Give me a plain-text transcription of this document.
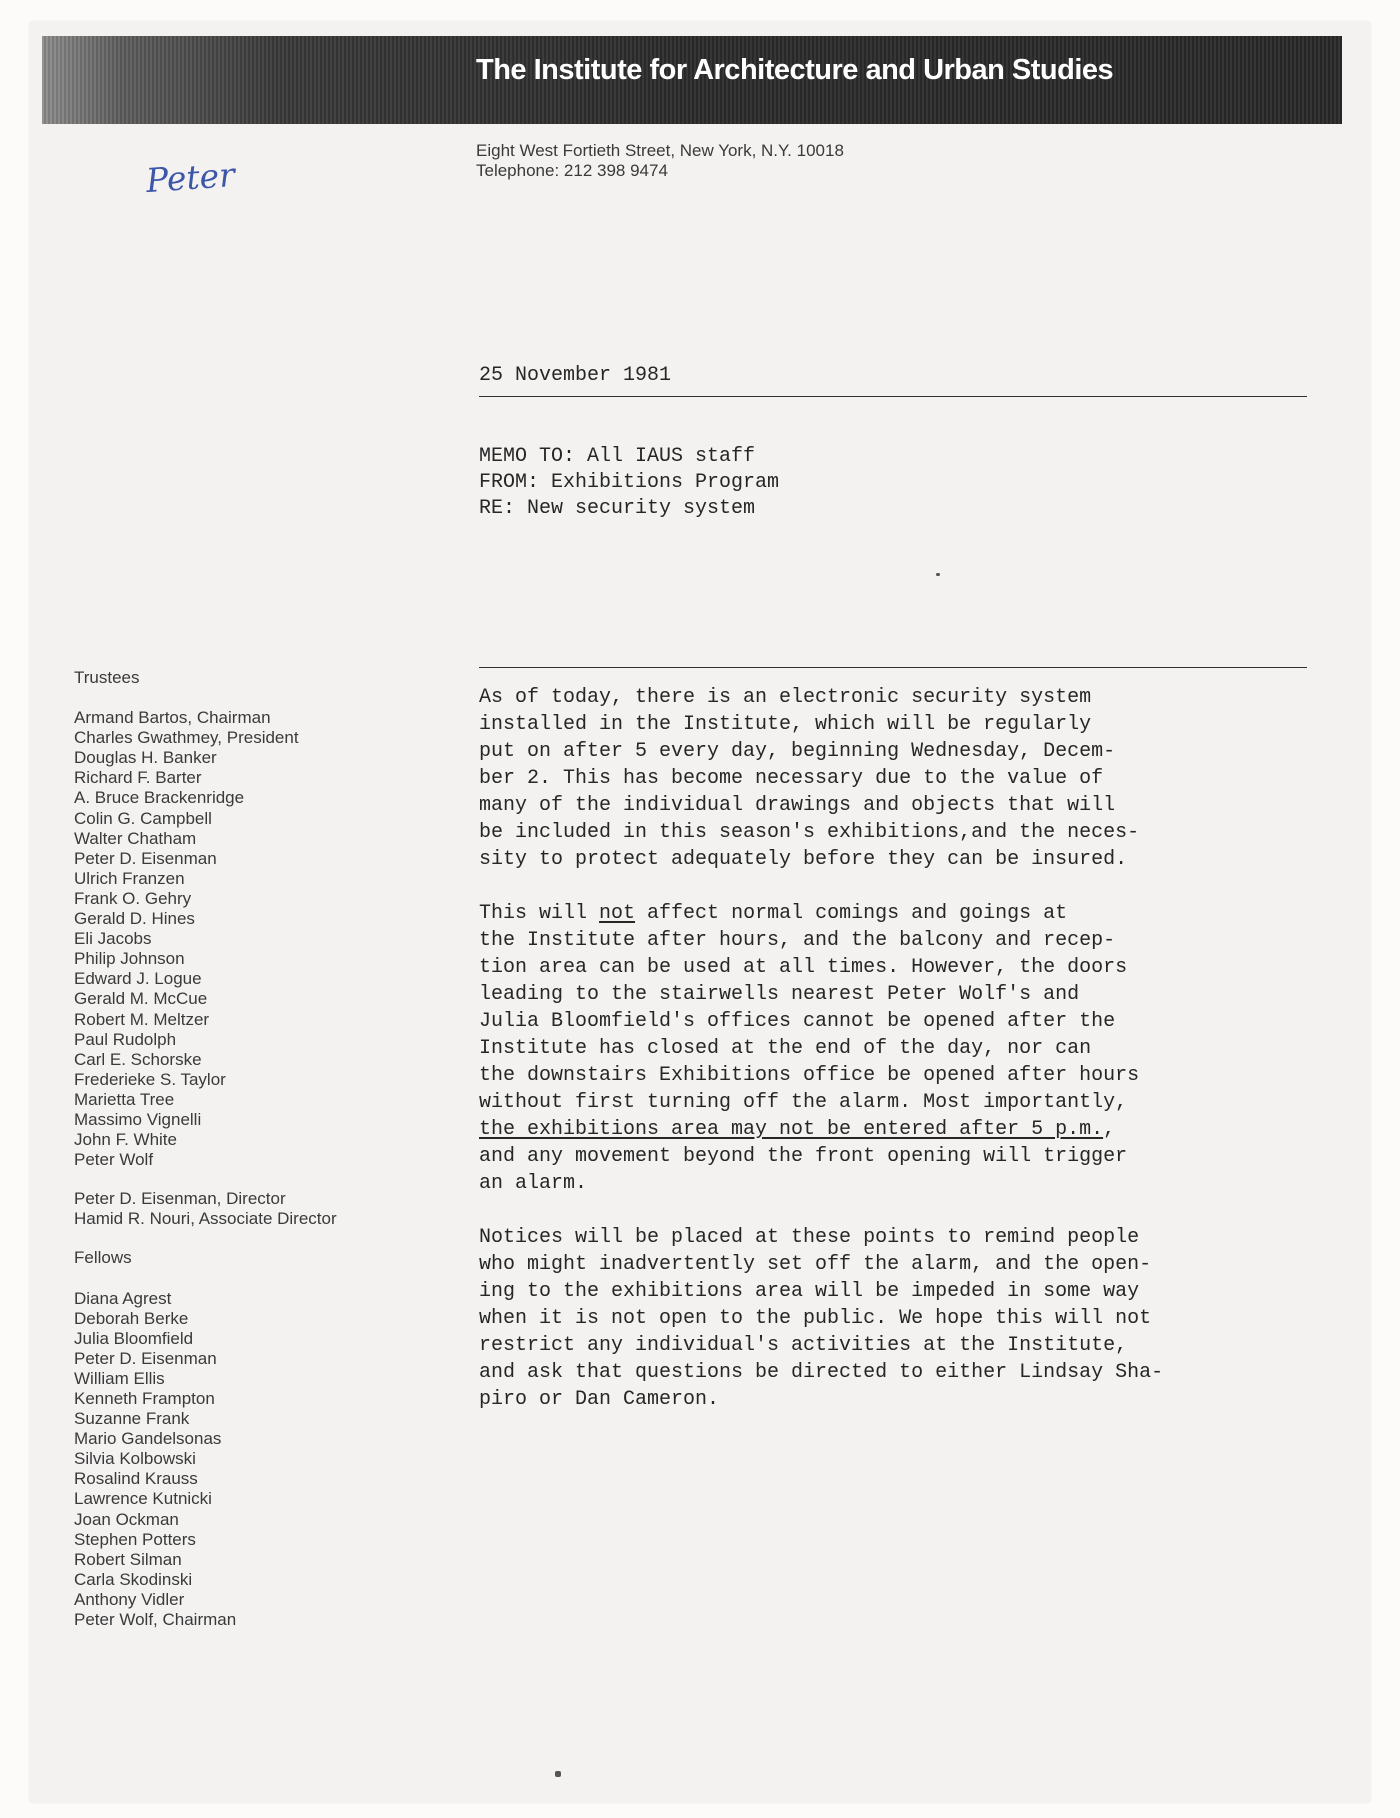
The Institute for Architecture and Urban Studies
Eight West Fortieth Street, New York, N.Y. 10018
Telephone: 212 398 9474
Peter
Trustees
Armand Bartos, Chairman
Charles Gwathmey, President
Douglas H. Banker
Richard F. Barter
A. Bruce Brackenridge
Colin G. Campbell
Walter Chatham
Peter D. Eisenman
Ulrich Franzen
Frank O. Gehry
Gerald D. Hines
Eli Jacobs
Philip Johnson
Edward J. Logue
Gerald M. McCue
Robert M. Meltzer
Paul Rudolph
Carl E. Schorske
Frederieke S. Taylor
Marietta Tree
Massimo Vignelli
John F. White
Peter Wolf
Peter D. Eisenman, Director
Hamid R. Nouri, Associate Director
Fellows
Diana Agrest
Deborah Berke
Julia Bloomfield
Peter D. Eisenman
William Ellis
Kenneth Frampton
Suzanne Frank
Mario Gandelsonas
Silvia Kolbowski
Rosalind Krauss
Lawrence Kutnicki
Joan Ockman
Stephen Potters
Robert Silman
Carla Skodinski
Anthony Vidler
Peter Wolf, Chairman
25 November 1981
MEMO TO: All IAUS staff
FROM: Exhibitions Program
RE: New security system
As of today, there is an electronic security system
installed in the Institute, which will be regularly
put on after 5 every day, beginning Wednesday, Decem-
ber 2. This has become necessary due to the value of
many of the individual drawings and objects that will
be included in this season's exhibitions,and the neces-
sity to protect adequately before they can be insured.
This will not affect normal comings and goings at
the Institute after hours, and the balcony and recep-
tion area can be used at all times. However, the doors
leading to the stairwells nearest Peter Wolf's and
Julia Bloomfield's offices cannot be opened after the
Institute has closed at the end of the day, nor can
the downstairs Exhibitions office be opened after hours
without first turning off the alarm. Most importantly,
the exhibitions area may not be entered after 5 p.m.,
and any movement beyond the front opening will trigger
an alarm.
Notices will be placed at these points to remind people
who might inadvertently set off the alarm, and the open-
ing to the exhibitions area will be impeded in some way
when it is not open to the public. We hope this will not
restrict any individual's activities at the Institute,
and ask that questions be directed to either Lindsay Sha-
piro or Dan Cameron.
